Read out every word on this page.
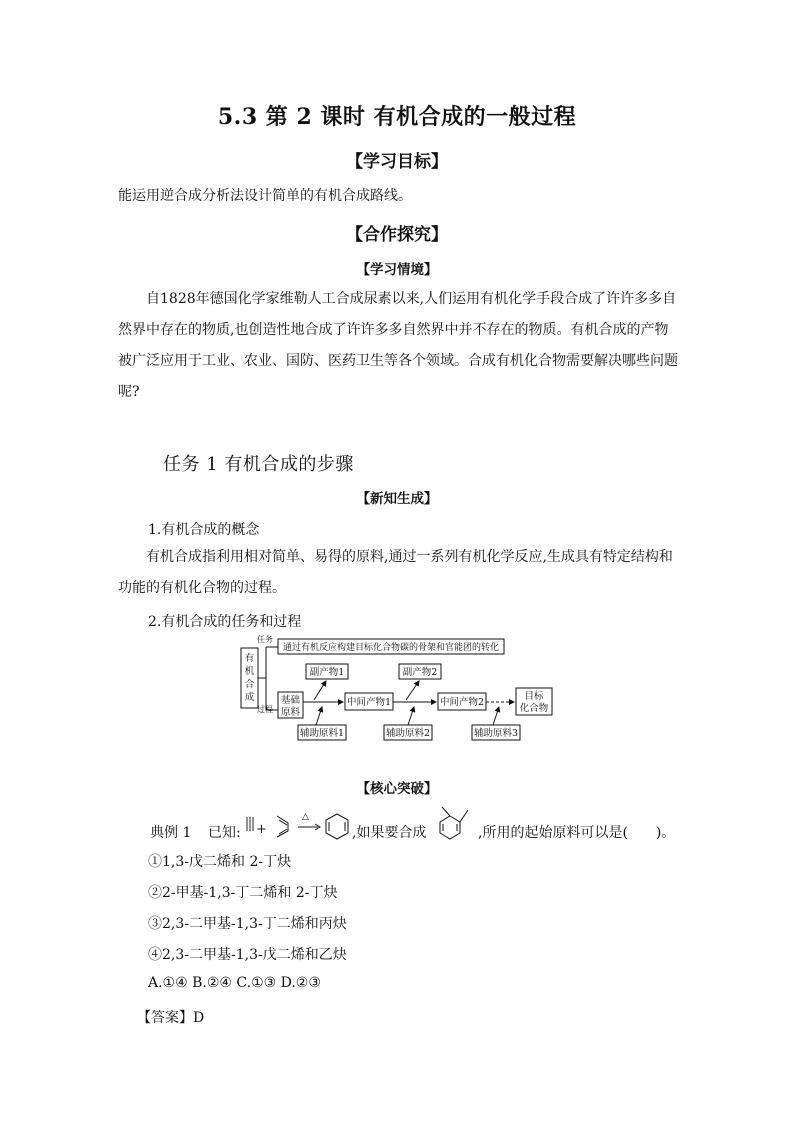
5.3 第 2 课时 有机合成的一般过程
【学习目标】
能运用逆合成分析法设计简单的有机合成路线。
【合作探究】
【学习情境】
自1828年德国化学家维勒人工合成尿素以来,人们运用有机化学手段合成了许许多多自然界中存在的物质,也创造性地合成了许许多多自然界中并不存在的物质。有机合成的产物被广泛应用于工业、农业、国防、医药卫生等各个领域。合成有机化合物需要解决哪些问题呢?
任务 1 有机合成的步骤
【新知生成】
1.有机合成的概念
有机合成指利用相对简单、易得的原料,通过一系列有机化学反应,生成具有特定结构和功能的有机化合物的过程。
2.有机合成的任务和过程
有
机
合
成
任务
过程
通过有机反应构建目标化合物碳的骨架和官能团的转化
基础
原料
中间产物1	中间产物2
目标
化合物
副产物1	副产物2
辅助原料1	辅助原料2	辅助原料3
【核心突破】
典例 1 已知: +
△
,如果要合成	,所用的起始原料可以是(　　)。
①1,3-戊二烯和 2-丁炔
②2-甲基-1,3-丁二烯和 2-丁炔
③2,3-二甲基-1,3-丁二烯和丙炔
④2,3-二甲基-1,3-戊二烯和乙炔
A.①④ B.②④ C.①③ D.②③
【答案】D
